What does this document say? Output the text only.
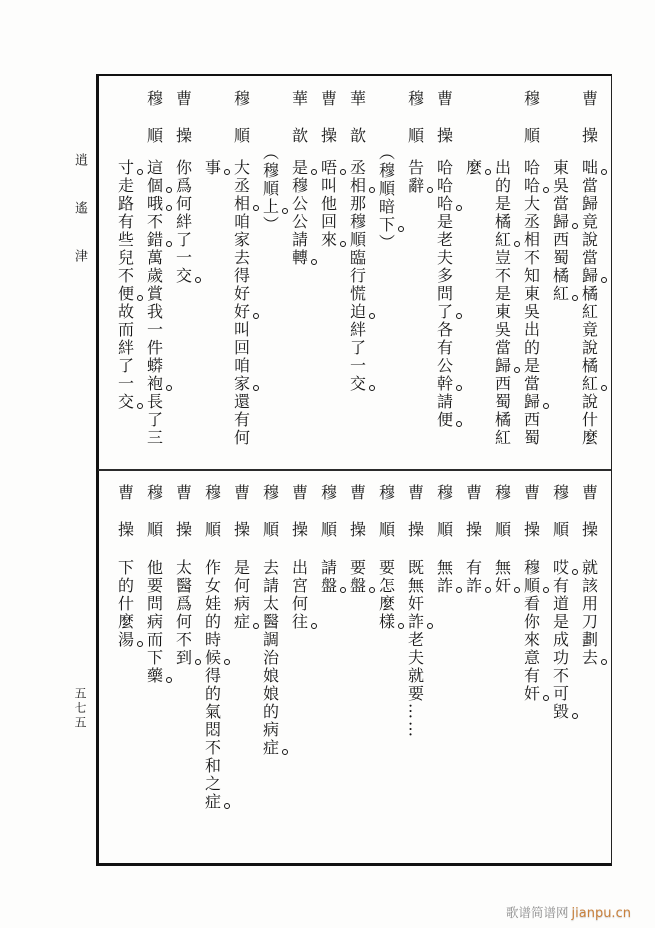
逍遙津
五七五
曹操
咄當歸竟說當歸橘紅竟說橘紅說什麼
東吳當歸西蜀橘紅
穆順
哈哈大丞相不知東吳出的是當歸西蜀
出的是橘紅豈不是東吳當歸西蜀橘紅
麼
曹操
哈哈哈是老夫多問了各有公幹請便
穆順
告辭
（穆順暗下）
華歆
丞相那穆順臨行慌迫絆了一交
曹操
唔叫他回來
華歆
是穆公公請轉
（穆順上）
穆順
大丞相咱家去得好好叫回咱家還有何
事
曹操
你爲何絆了一交
穆順
這個哦不錯萬歲賞我一件蟒袍長了三
寸走路有些兒不便故而絆了一交
曹操
就該用刀劃去
穆順
哎有道是成功不可毀
曹操
穆順看你來意有奸
穆順
無奸
曹操
有詐
穆順
無詐
曹操
既無奸詐老夫就要……
穆順
要怎麼樣
曹操
要盤
穆順
請盤
曹操
出宮何往
穆順
去請太醫調治娘娘的病症
曹操
是何病症
穆順
作女娃的時候得的氣悶不和之症
曹操
太醫爲何不到
穆順
他要問病而下藥
曹操
下的什麼湯
歌谱简谱网 jianpu.cn
